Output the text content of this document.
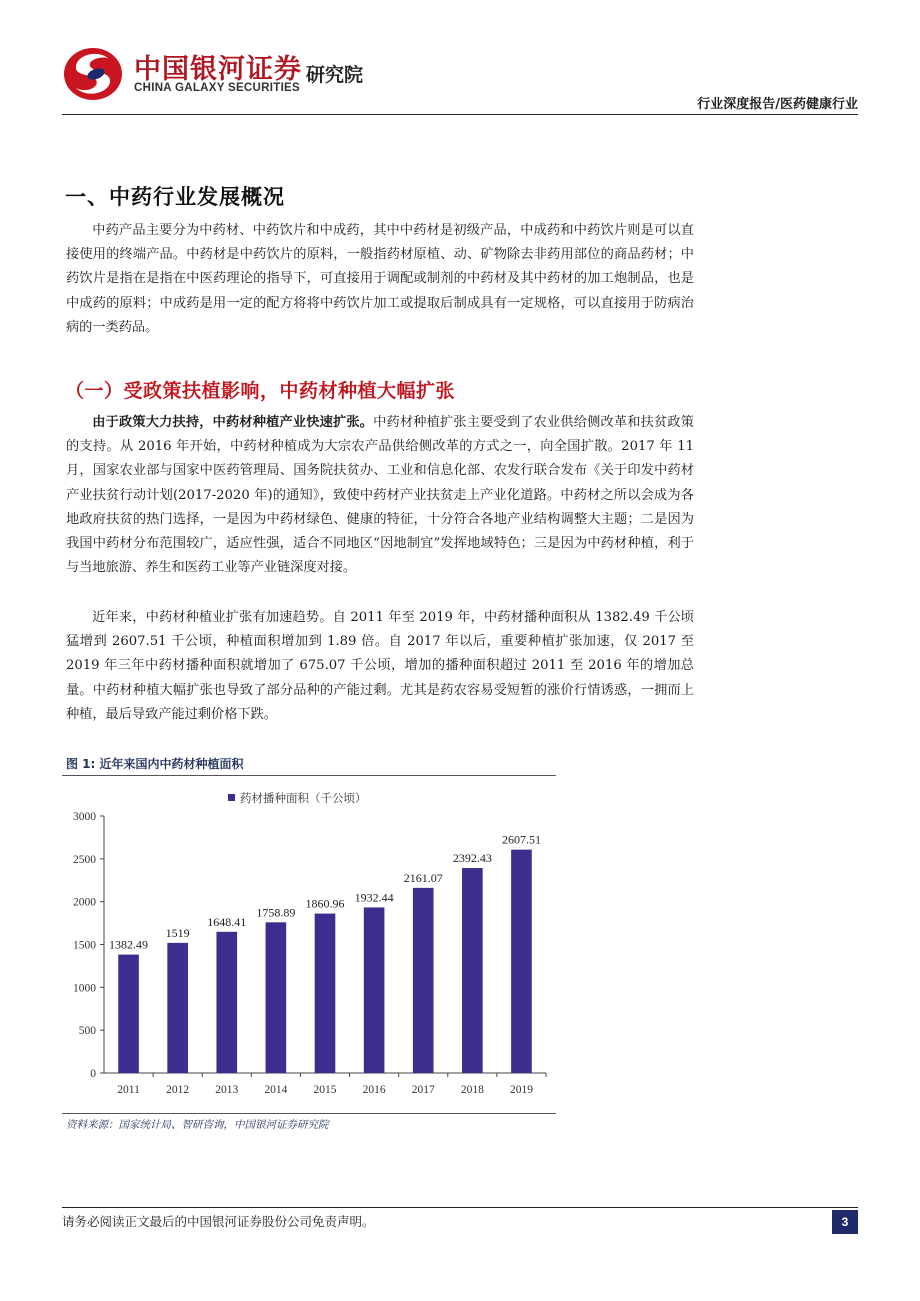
中国银河证券
CHINA GALAXY SECURITIES
研究院
行业深度报告/医药健康行业
一、中药行业发展概况
中药产品主要分为中药材、中药饮片和中成药，其中中药材是初级产品，中成药和中药饮片则是可以直接使用的终端产品。中药材是中药饮片的原料，一般指药材原植、动、矿物除去非药用部位的商品药材；中药饮片是指在是指在中医药理论的指导下，可直接用于调配或制剂的中药材及其中药材的加工炮制品，也是中成药的原料；中成药是用一定的配方将将中药饮片加工或提取后制成具有一定规格，可以直接用于防病治病的一类药品。
（一）受政策扶植影响，中药材种植大幅扩张
由于政策大力扶持，中药材种植产业快速扩张。中药材种植扩张主要受到了农业供给侧改革和扶贫政策的支持。从 2016 年开始，中药材种植成为大宗农产品供给侧改革的方式之一，向全国扩散。2017 年 11 月，国家农业部与国家中医药管理局、国务院扶贫办、工业和信息化部、农发行联合发布《关于印发中药材产业扶贫行动计划(2017-2020 年)的通知》，致使中药材产业扶贫走上产业化道路。中药材之所以会成为各地政府扶贫的热门选择，一是因为中药材绿色、健康的特征，十分符合各地产业结构调整大主题；二是因为我国中药材分布范围较广，适应性强，适合不同地区“因地制宜”发挥地域特色；三是因为中药材种植，利于与当地旅游、养生和医药工业等产业链深度对接。
近年来，中药材种植业扩张有加速趋势。自 2011 年至 2019 年，中药材播种面积从 1382.49 千公顷猛增到 2607.51 千公顷，种植面积增加到 1.89 倍。自 2017 年以后，重要种植扩张加速，仅 2017 至 2019 年三年中药材播种面积就增加了 675.07 千公顷，增加的播种面积超过 2011 至 2016 年的增加总量。中药材种植大幅扩张也导致了部分品种的产能过剩。尤其是药农容易受短暂的涨价行情诱惑，一拥而上种植，最后导致产能过剩价格下跌。
图 1: 近年来国内中药材种植面积
药材播种面积（千公顷）
0
500
1000
1500
2000
2500
3000
2011 2012 2013 2014 2015 2016 2017 2018 2019
1382.49
1519
1648.41
1758.89
1860.96 1932.44
2161.07
2392.43
2607.51
资料来源：国家统计局、智研咨询，中国银河证券研究院
请务必阅读正文最后的中国银河证券股份公司免责声明。	3
